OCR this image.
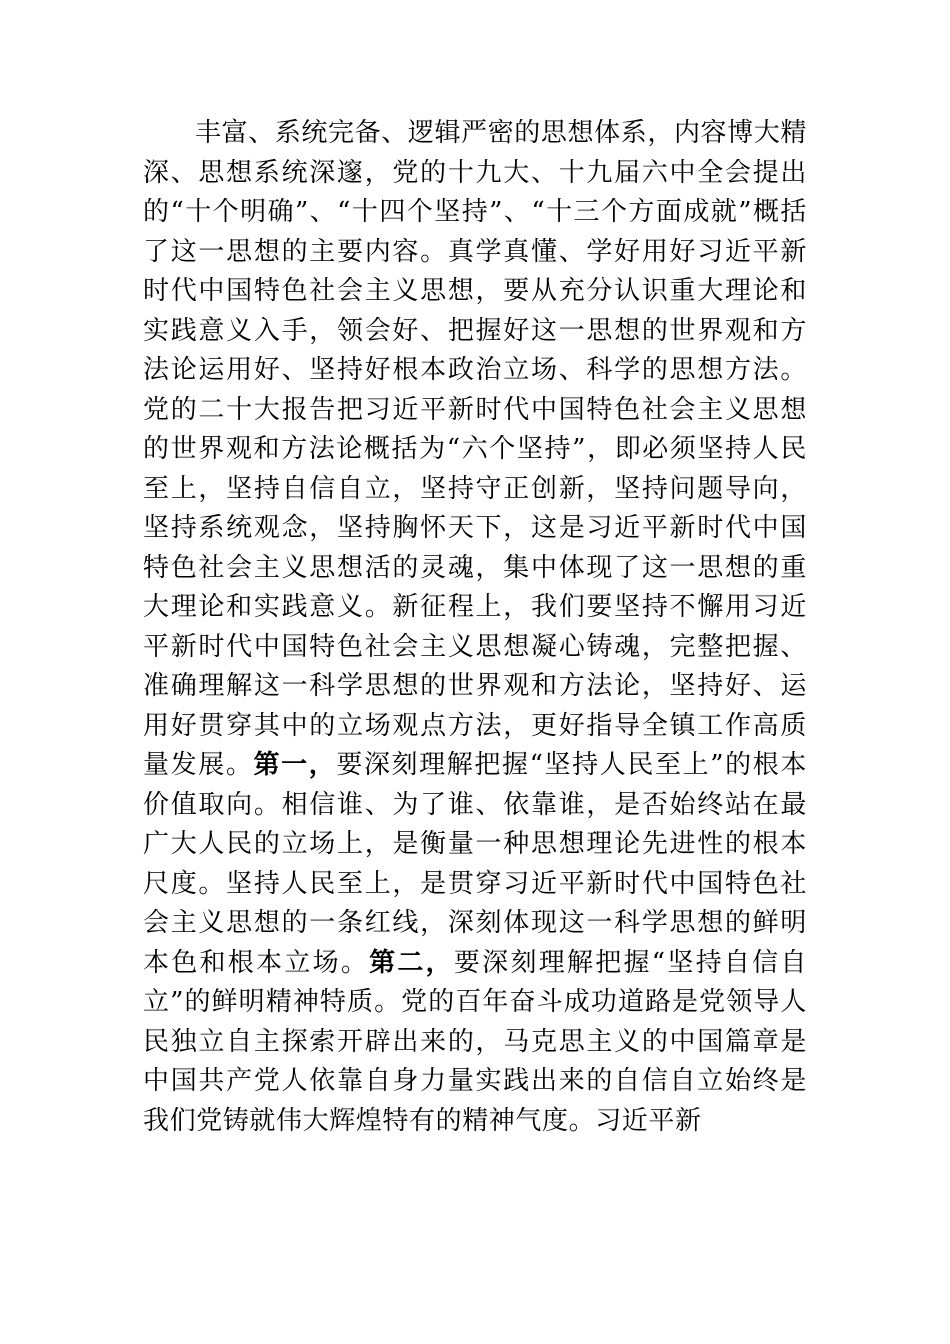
丰富、系统完备、逻辑严密的思想体系，内容博大精深、思想系统深邃，党的十九大、十九届六中全会提出的“十个明确”、“十四个坚持”、“十三个方面成就”概括了这一思想的主要内容。真学真懂、学好用好习近平新时代中国特色社会主义思想，要从充分认识重大理论和实践意义入手，领会好、把握好这一思想的世界观和方法论运用好、坚持好根本政治立场、科学的思想方法。党的二十大报告把习近平新时代中国特色社会主义思想的世界观和方法论概括为“六个坚持”，即必须坚持人民至上，坚持自信自立，坚持守正创新，坚持问题导向，坚持系统观念，坚持胸怀天下，这是习近平新时代中国特色社会主义思想活的灵魂，集中体现了这一思想的重大理论和实践意义。新征程上，我们要坚持不懈用习近平新时代中国特色社会主义思想凝心铸魂，完整把握、准确理解这一科学思想的世界观和方法论，坚持好、运用好贯穿其中的立场观点方法，更好指导全镇工作高质量发展。第一，要深刻理解把握“坚持人民至上”的根本价值取向。相信谁、为了谁、依靠谁，是否始终站在最广大人民的立场上，是衡量一种思想理论先进性的根本尺度。坚持人民至上，是贯穿习近平新时代中国特色社会主义思想的一条红线，深刻体现这一科学思想的鲜明本色和根本立场。第二，要深刻理解把握“坚持自信自立”的鲜明精神特质。党的百年奋斗成功道路是党领导人民独立自主探索开辟出来的，马克思主义的中国篇章是中国共产党人依靠自身力量实践出来的自信自立始终是我们党铸就伟大辉煌特有的精神气度。习近平新
